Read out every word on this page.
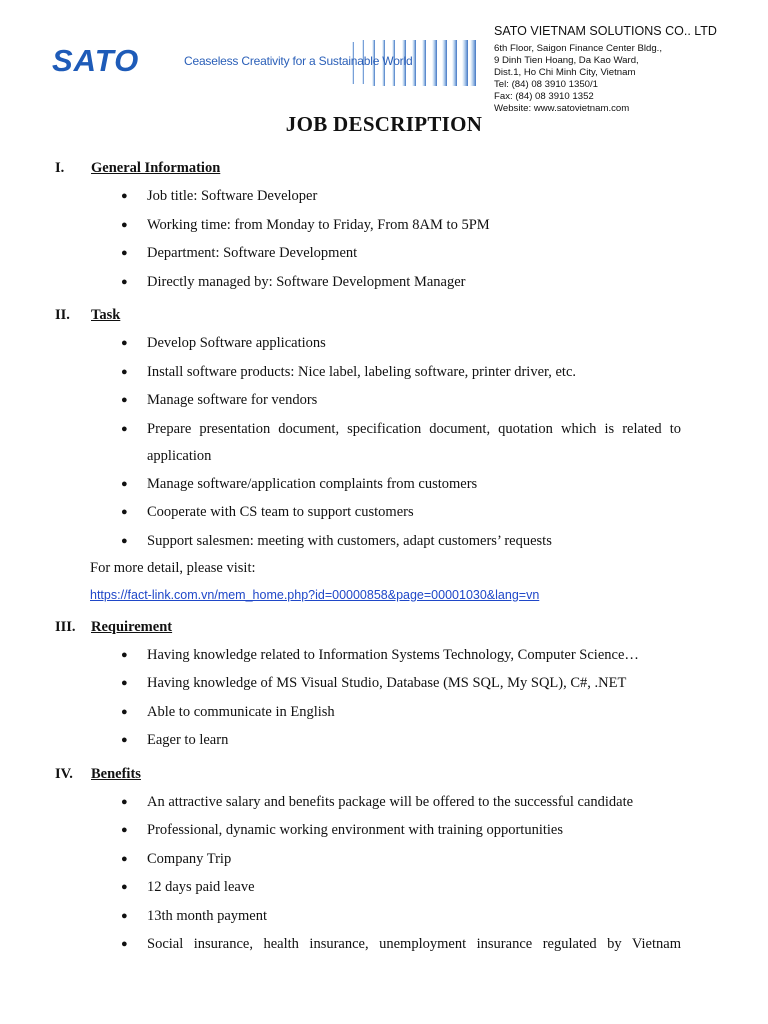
SATO	Ceaseless Creativity for a Sustainable World
SATO VIETNAM SOLUTIONS CO.. LTD
6th Floor, Saigon Finance Center Bldg.,
9 Dinh Tien Hoang, Da Kao Ward,
Dist.1, Ho Chi Minh City, Vietnam
Tel: (84) 08 3910 1350/1
Fax: (84) 08 3910 1352
Website: www.satovietnam.com
JOB DESCRIPTION
I. General Information
● Job title: Software Developer
● Working time: from Monday to Friday, From 8AM to 5PM
● Department: Software Development
● Directly managed by: Software Development Manager
II. Task
● Develop Software applications
● Install software products: Nice label, labeling software, printer driver, etc.
● Manage software for vendors
● Prepare presentation document, specification document, quotation which is related to application
● Manage software/application complaints from customers
● Cooperate with CS team to support customers
● Support salesmen: meeting with customers, adapt customers’ requests
For more detail, please visit:
https://fact-link.com.vn/mem_home.php?id=00000858&page=00001030&lang=vn
III. Requirement
● Having knowledge related to Information Systems Technology, Computer Science…
● Having knowledge of MS Visual Studio, Database (MS SQL, My SQL), C#, .NET
● Able to communicate in English
● Eager to learn
IV. Benefits
● An attractive salary and benefits package will be offered to the successful candidate
● Professional, dynamic working environment with training opportunities
● Company Trip
● 12 days paid leave
● 13th month payment
● Social insurance, health insurance, unemployment insurance regulated by Vietnam
